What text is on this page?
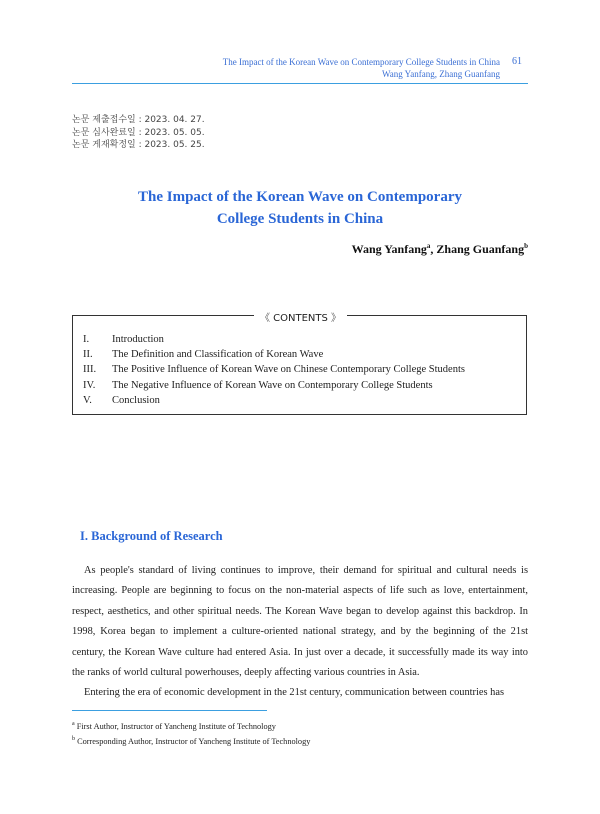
The Impact of the Korean Wave on Contemporary College Students in China
Wang Yanfang, Zhang Guanfang
61
논문 제출접수일 : 2023. 04. 27.
논문 심사완료일 : 2023. 05. 05.
논문 게재확정일 : 2023. 05. 25.
The Impact of the Korean Wave on Contemporary
College Students in China
Wang Yanfang$^a$, Zhang Guanfang$^b$
《 CONTENTS 》
I.	Introduction
II.	The Definition and Classification of Korean Wave
III.	The Positive Influence of Korean Wave on Chinese Contemporary College Students
IV.	The Negative Influence of Korean Wave on Contemporary College Students
V.	Conclusion
I. Background of Research

As people's standard of living continues to improve, their demand for spiritual and cultural needs is increasing. People are beginning to focus on the non-material aspects of life such as love, entertainment, respect, aesthetics, and other spiritual needs. The Korean Wave began to develop against this backdrop. In 1998, Korea began to implement a culture-oriented national strategy, and by the beginning of the 21st century, the Korean Wave culture had entered Asia. In just over a decade, it successfully made its way into the ranks of world cultural powerhouses, deeply affecting various countries in Asia.

Entering the era of economic development in the 21st century, communication between countries has

$^a$ First Author, Instructor of Yancheng Institute of Technology
$^b$ Corresponding Author, Instructor of Yancheng Institute of Technology
